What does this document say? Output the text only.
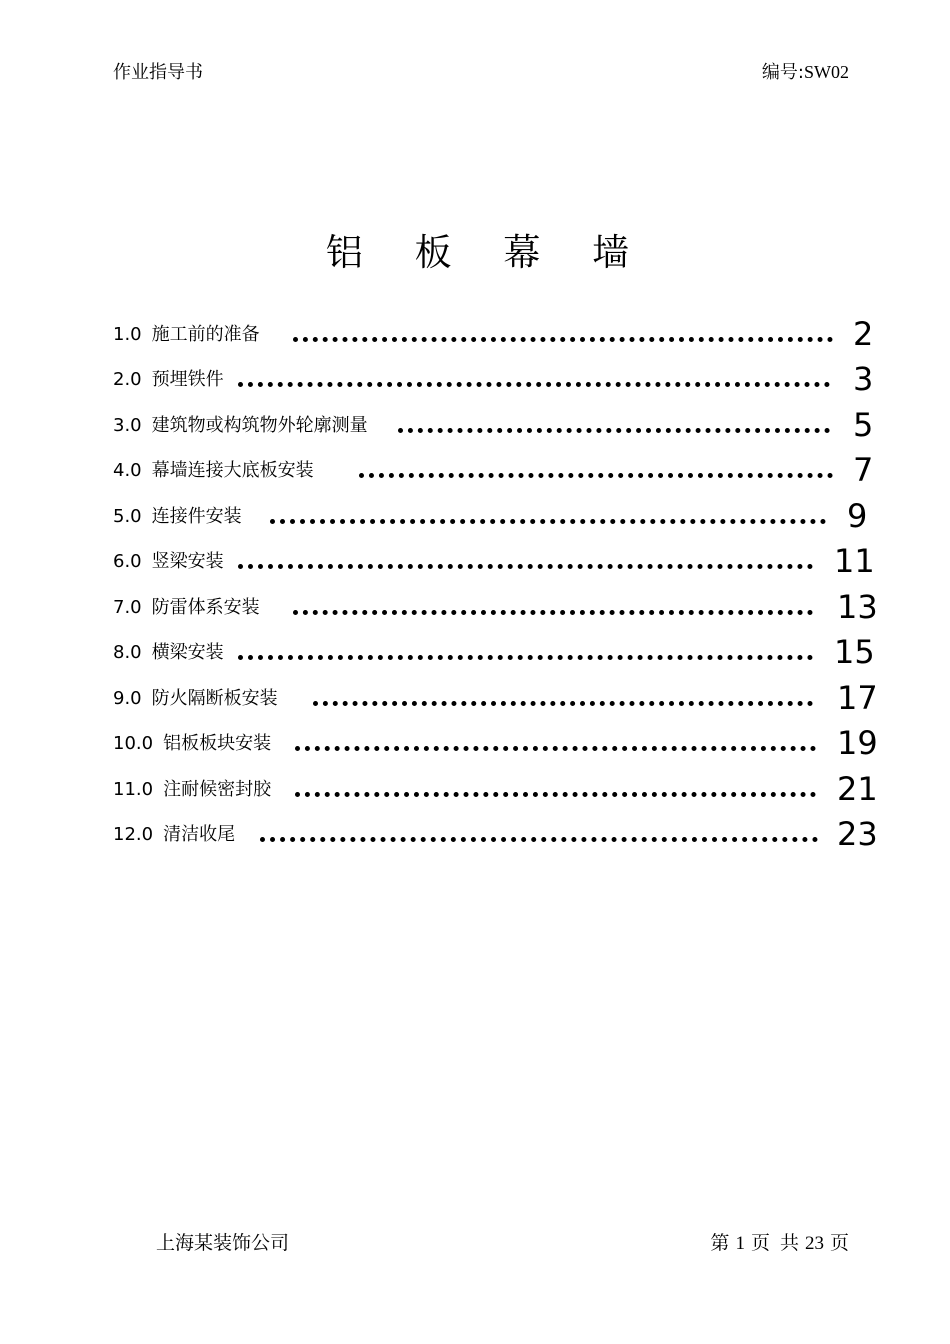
作业指导书	编号:SW02
铝 板 幕 墙
1.0 施工前的准备	2
2.0 预埋铁件	3
3.0 建筑物或构筑物外轮廓测量	5
4.0 幕墙连接大底板安装	7
5.0 连接件安装	9
6.0 竖梁安装	11
7.0 防雷体系安装	13
8.0 横梁安装	15
9.0 防火隔断板安装	17
10.0 铝板板块安装	19
11.0 注耐候密封胶	21
12.0 清洁收尾	23
上海某装饰公司	第 1 页 共 23 页
